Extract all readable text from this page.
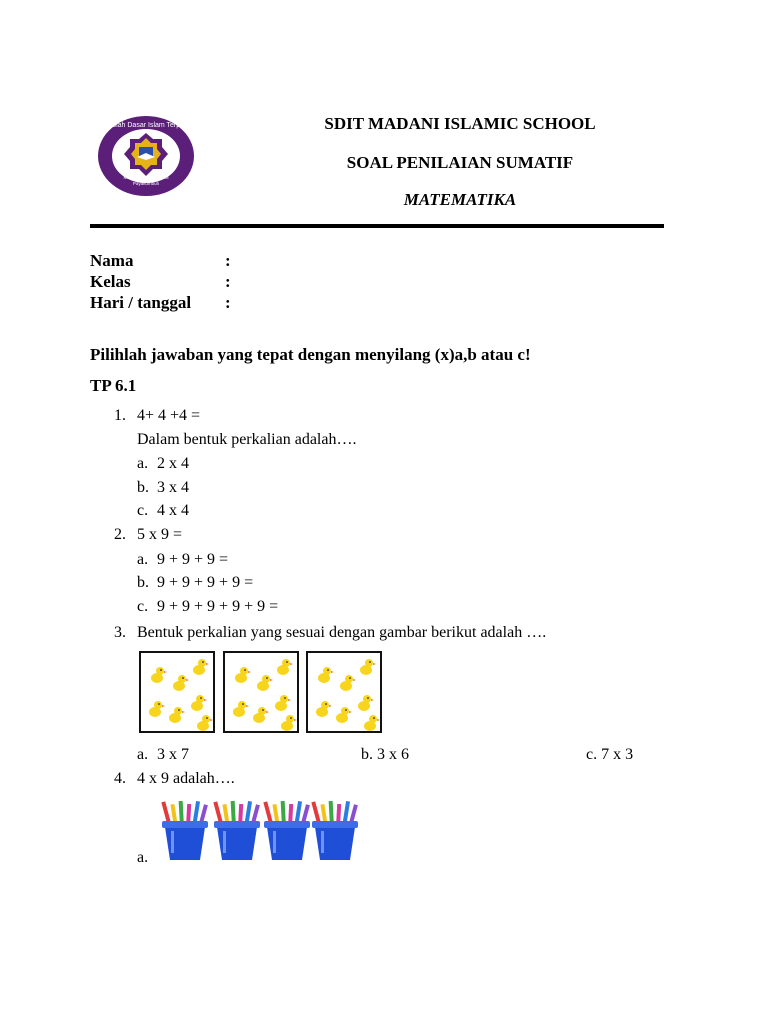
Sekolah Dasar Islam Terpadu
Madani Islamic School
Payakumbuh
SDIT MADANI ISLAMIC SCHOOL
SOAL PENILAIAN SUMATIF
MATEMATIKA
Nama	:
Kelas	:
Hari / tanggal :
Pilihlah jawaban yang tepat dengan menyilang (x)a,b atau c!
TP 6.1
1. 4+ 4 +4 =
Dalam bentuk perkalian adalah….
a. 2 x 4
b. 3 x 4
c. 4 x 4
2. 5 x 9 =
a. 9 + 9 + 9 =
b. 9 + 9 + 9 + 9 =
c. 9 + 9 + 9 + 9 + 9 =
3. Bentuk perkalian yang sesuai dengan gambar berikut adalah ….
a. 3 x 7	b. 3 x 6	c. 7 x 3
4. 4 x 9 adalah….
a.
